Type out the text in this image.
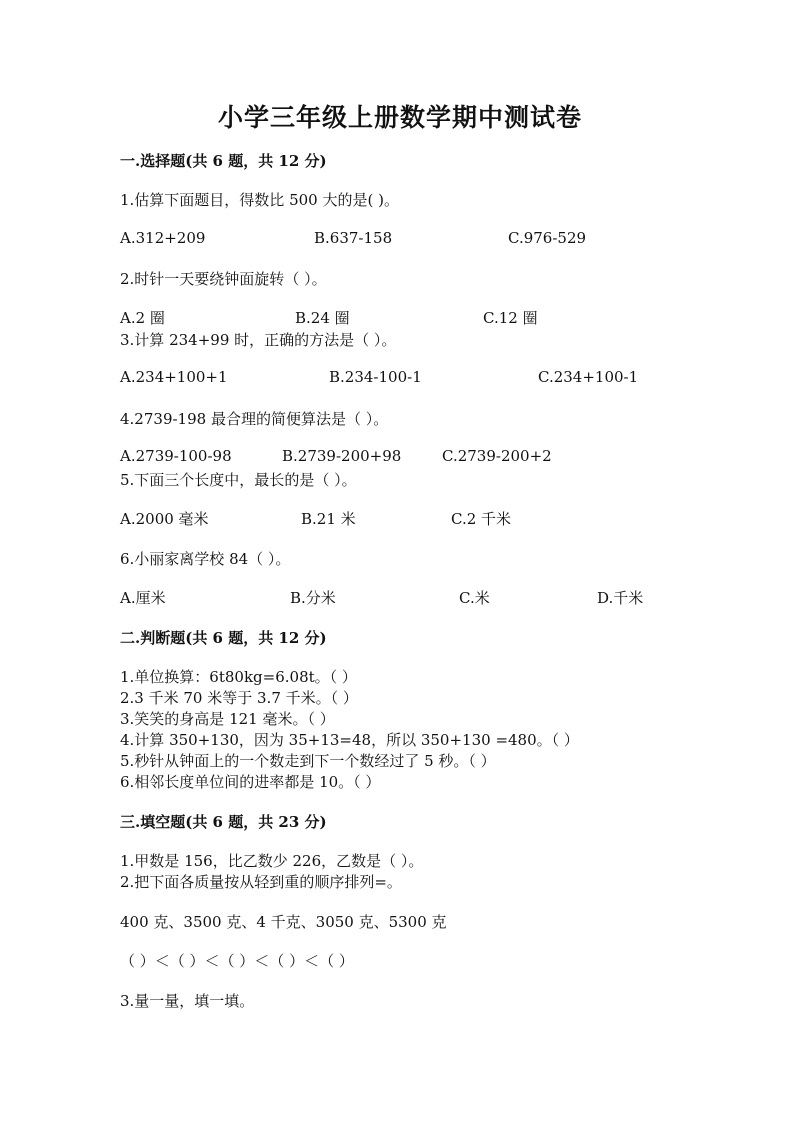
小学三年级上册数学期中测试卷
一.选择题(共 6 题，共 12 分)
1.估算下面题目，得数比 500 大的是( )。
A.312+209	B.637-158	C.976-529
2.时针一天要绕钟面旋转（ ）。
A.2 圈	B.24 圈	C.12 圈
3.计算 234+99 时，正确的方法是（ ）。
A.234+100+1	B.234-100-1	C.234+100-1
4.2739-198 最合理的简便算法是（ ）。
A.2739-100-98	B.2739-200+98	C.2739-200+2
5.下面三个长度中，最长的是（ ）。
A.2000 毫米	B.21 米	C.2 千米
6.小丽家离学校 84（ ）。
A.厘米	B.分米	C.米	D.千米
二.判断题(共 6 题，共 12 分)
1.单位换算：6t80kg=6.08t。（ ）
2.3 千米 70 米等于 3.7 千米。（ ）
3.笑笑的身高是 121 毫米。（ ）
4.计算 350+130，因为 35+13=48，所以 350+130 =480。（ ）
5.秒针从钟面上的一个数走到下一个数经过了 5 秒。（ ）
6.相邻长度单位间的进率都是 10。（ ）
三.填空题(共 6 题，共 23 分)
1.甲数是 156，比乙数少 226，乙数是（ ）。
2.把下面各质量按从轻到重的顺序排列=。
400 克、3500 克、4 千克、3050 克、5300 克
（ ）＜（ ）＜（ ）＜（ ）＜（ ）
3.量一量，填一填。
